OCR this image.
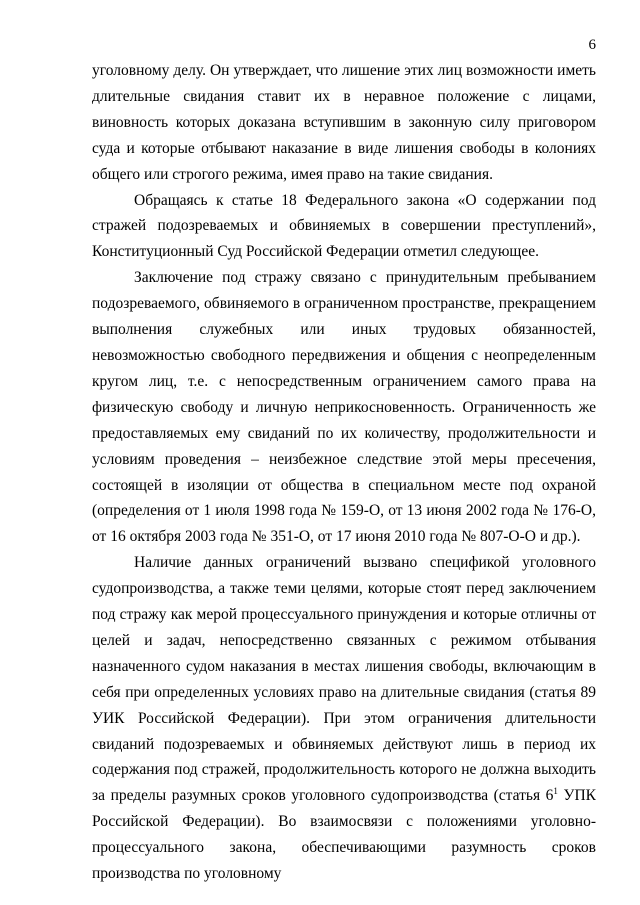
6

уголовному делу. Он утверждает, что лишение этих лиц возможности иметь длительные свидания ставит их в неравное положение с лицами, виновность которых доказана вступившим в законную силу приговором суда и которые отбывают наказание в виде лишения свободы в колониях общего или строгого режима, имея право на такие свидания.

Обращаясь к статье 18 Федерального закона «О содержании под стражей подозреваемых и обвиняемых в совершении преступлений», Конституционный Суд Российской Федерации отметил следующее.

Заключение под стражу связано с принудительным пребыванием подозреваемого, обвиняемого в ограниченном пространстве, прекращением выполнения служебных или иных трудовых обязанностей, невозможностью свободного передвижения и общения с неопределенным кругом лиц, т.е. с непосредственным ограничением самого права на физическую свободу и личную неприкосновенность. Ограниченность же предоставляемых ему свиданий по их количеству, продолжительности и условиям проведения – неизбежное следствие этой меры пресечения, состоящей в изоляции от общества в специальном месте под охраной (определения от 1 июля 1998 года № 159-О, от 13 июня 2002 года № 176-О, от 16 октября 2003 года № 351-О, от 17 июня 2010 года № 807-О-О и др.).

Наличие данных ограничений вызвано спецификой уголовного судопроизводства, а также теми целями, которые стоят перед заключением под стражу как мерой процессуального принуждения и которые отличны от целей и задач, непосредственно связанных с режимом отбывания назначенного судом наказания в местах лишения свободы, включающим в себя при определенных условиях право на длительные свидания (статья 89 УИК Российской Федерации). При этом ограничения длительности свиданий подозреваемых и обвиняемых действуют лишь в период их содержания под стражей, продолжительность которого не должна выходить за пределы разумных сроков уголовного судопроизводства (статья $6^1$ УПК Российской Федерации). Во взаимосвязи с положениями уголовно-процессуального закона, обеспечивающими разумность сроков производства по уголовному
